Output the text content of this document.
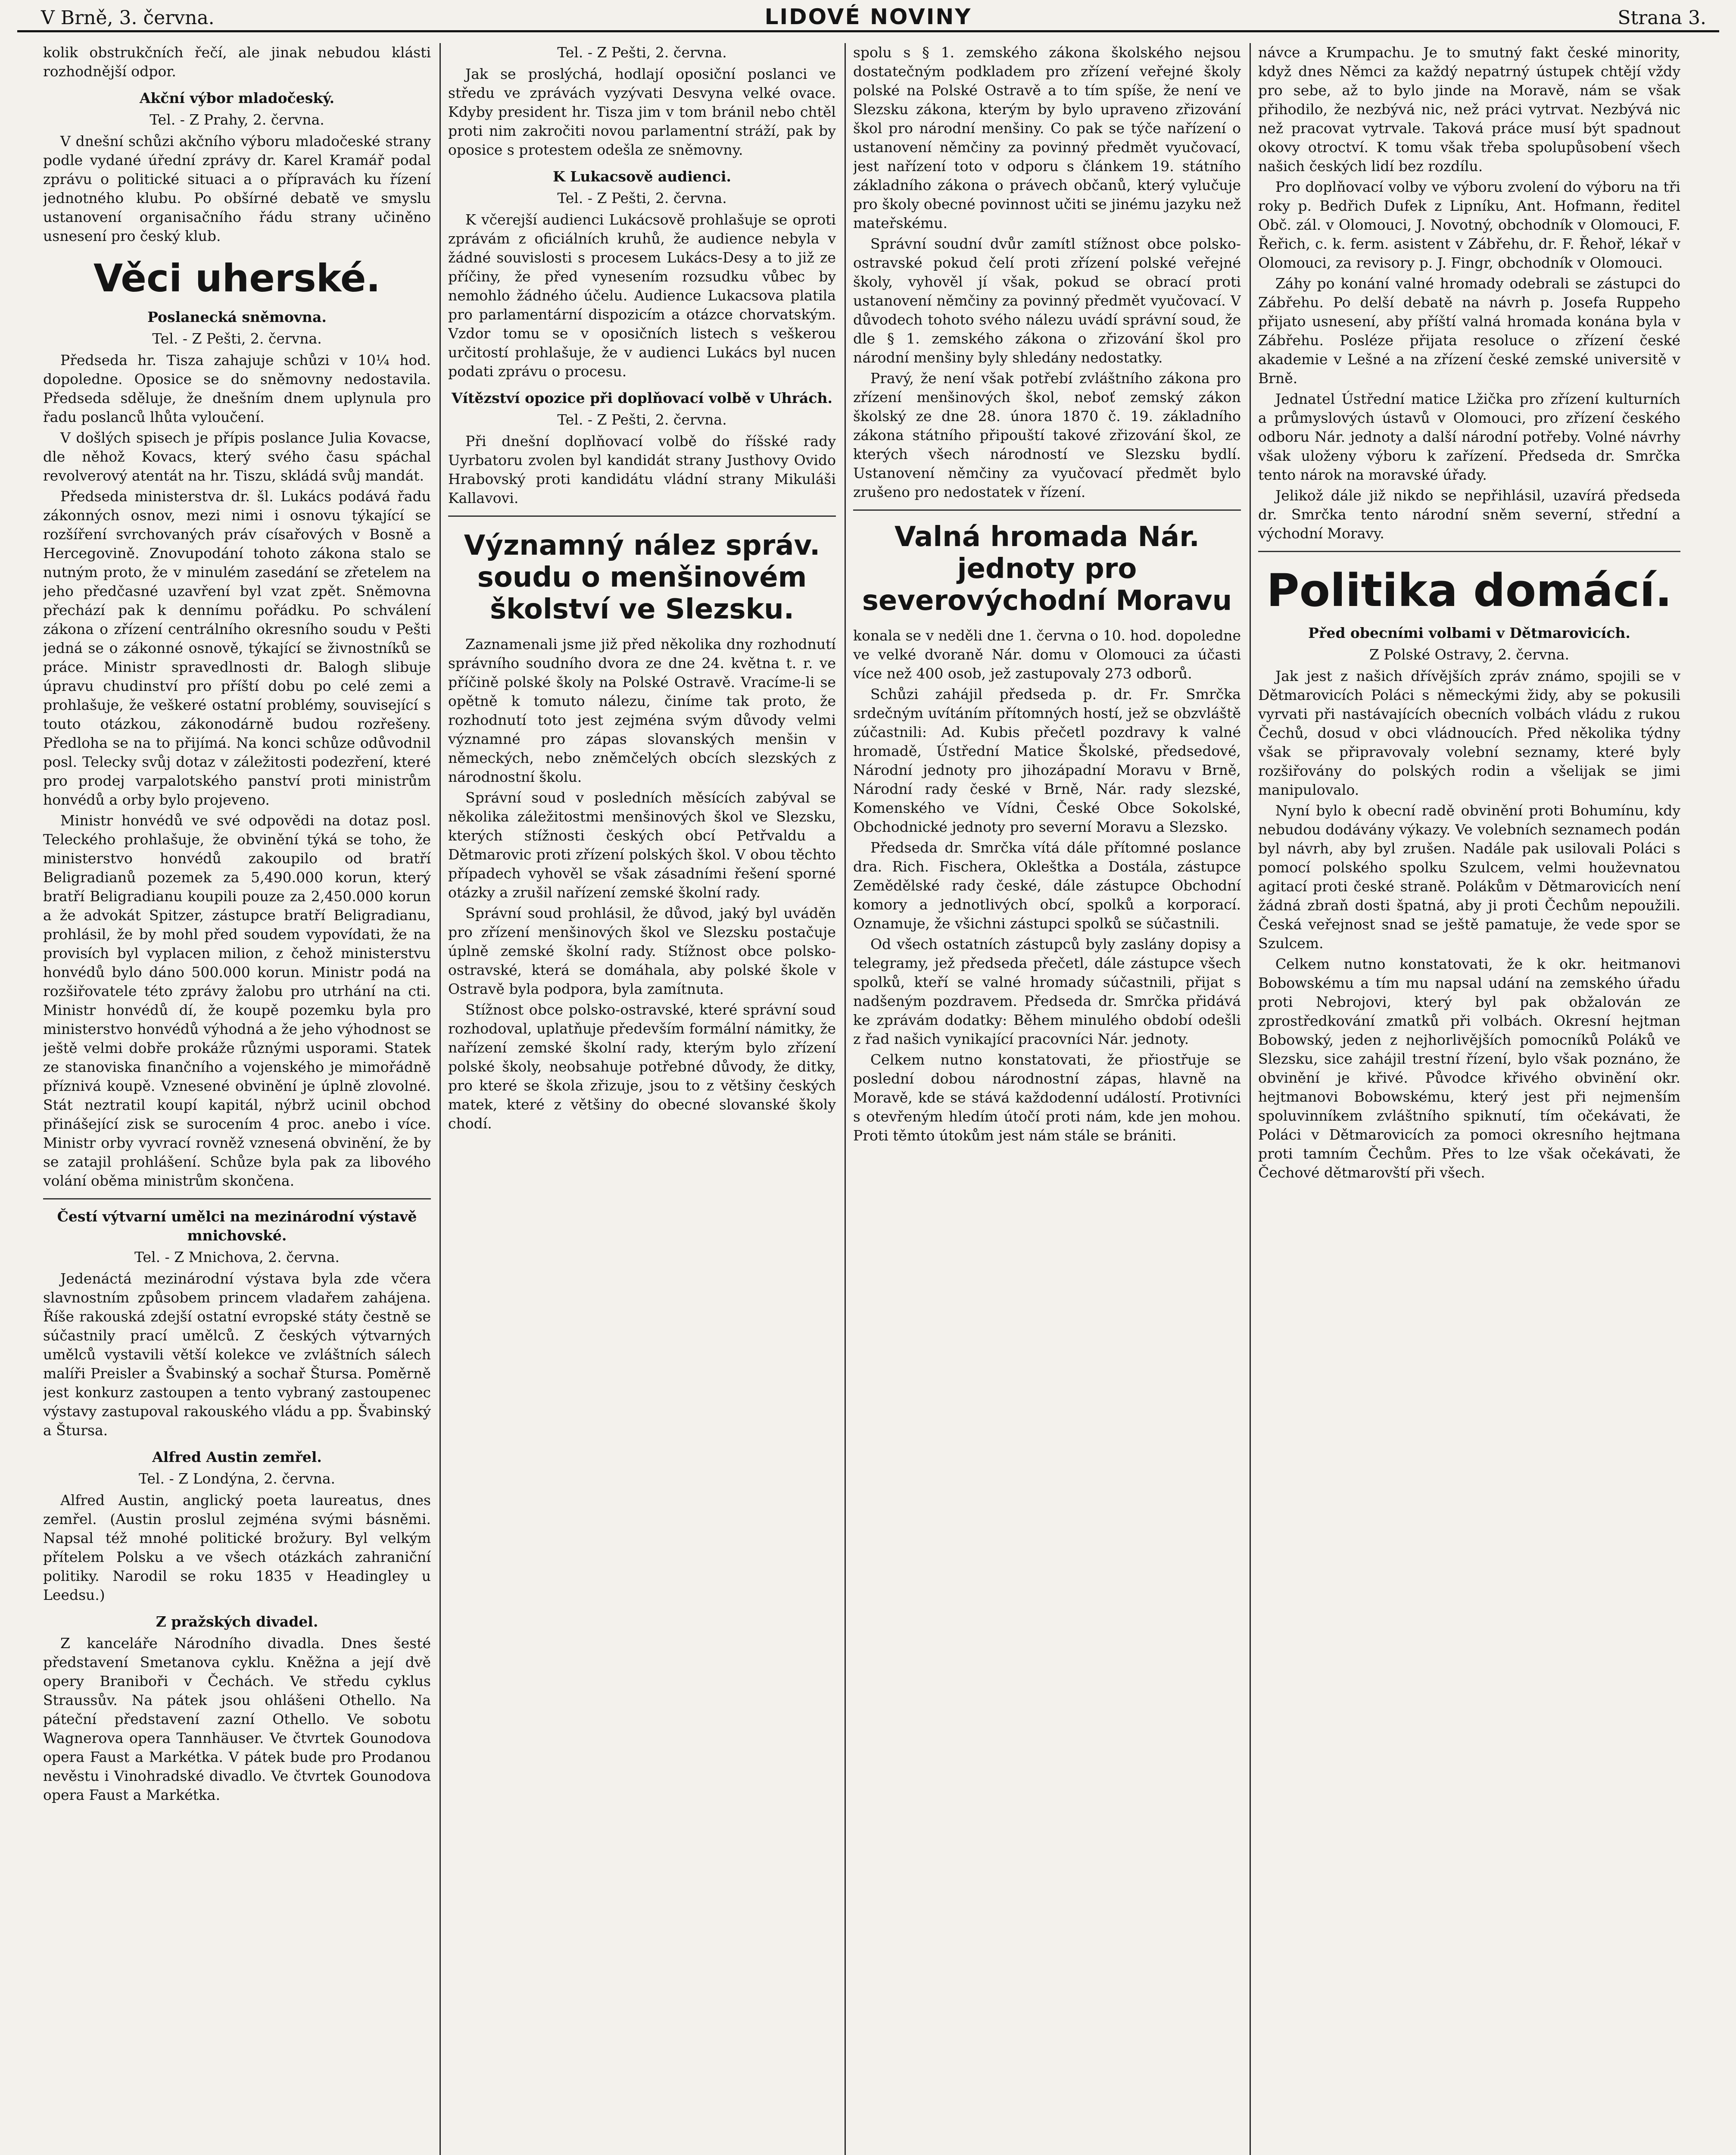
V Brně, 3. června.	LIDOVÉ NOVINY	Strana 3.

kolik obstrukčních řečí, ale jinak nebudou klásti rozhodnější odpor.

Akční výbor mladočeský.
Tel. - Z Prahy, 2. června.

V dnešní schůzi akčního výboru mladočeské strany podle vydané úřední zprávy dr. Karel Kramář podal zprávu o politické situaci a o přípravách ku řízení jednotného klubu. Po obšírné debatě ve smyslu ustanovení organisačního řádu strany učiněno usnesení pro český klub.

Věci uherské.
Poslanecká sněmovna.
Tel. - Z Pešti, 2. června.

Předseda hr. Tisza zahajuje schůzi v 10¼ hod. dopoledne. Oposice se do sněmovny nedostavila. Předseda sděluje, že dnešním dnem uplynula pro řadu poslanců lhůta vyloučení.

V došlých spisech je přípis poslance Julia Kovacse, dle něhož Kovacs, který svého času spáchal revolverový atentát na hr. Tiszu, skládá svůj mandát.

Předseda ministerstva dr. šl. Lukács podává řadu zákonných osnov, mezi nimi i osnovu týkající se rozšíření svrchovaných práv císařových v Bosně a Hercegovině. Znovupodání tohoto zákona stalo se nutným proto, že v minulém zasedání se zřetelem na jeho předčasné uzavření byl vzat zpět. Sněmovna přechází pak k dennímu pořádku. Po schválení zákona o zřízení centrálního okresního soudu v Pešti jedná se o zákonné osnově, týkající se živnostníků se práce. Ministr spravedlnosti dr. Balogh slibuje úpravu chudinství pro příští dobu po celé zemi a prohlašuje, že veškeré ostatní problémy, související s touto otázkou, zákonodárně budou rozřešeny. Předloha se na to přijímá. Na konci schůze odůvodnil posl. Telecky svůj dotaz v záležitosti podezření, které pro prodej varpalotského panství proti ministrům honvédů a orby bylo projeveno.

Ministr honvédů ve své odpovědi na dotaz posl. Teleckého prohlašuje, že obvinění týká se toho, že ministerstvo honvédů zakoupilo od bratří Beligradianů pozemek za 5,490.000 korun, který bratří Beligradianu koupili pouze za 2,450.000 korun a že advokát Spitzer, zástupce bratří Beligradianu, prohlásil, že by mohl před soudem vypovídati, že na provisích byl vyplacen milion, z čehož ministerstvu honvédů bylo dáno 500.000 korun. Ministr podá na rozšiřovatele této zprávy žalobu pro utrhání na cti. Ministr honvédů dí, že koupě pozemku byla pro ministerstvo honvédů výhodná a že jeho výhodnost se ještě velmi dobře prokáže různými usporami. Statek ze stanoviska finančního a vojenského je mimořádně příznivá koupě. Vznesené obvinění je úplně zlovolné. Stát neztratil koupí kapitál, nýbrž ucinil obchod přinášející zisk se surocením 4 proc. anebo i více. Ministr orby vyvrací rovněž vznesená obvinění, že by se zatajil prohlášení. Schůze byla pak za libového volání oběma ministrům skončena.

Čestí výtvarní umělci na mezinárodní výstavě mnichovské.
Tel. - Z Mnichova, 2. června.

Jedenáctá mezinárodní výstava byla zde včera slavnostním způsobem princem vladařem zahájena. Říše rakouská zdejší ostatní evropské státy čestně se súčastnily prací umělců. Z českých výtvarných umělců vystavili větší kolekce ve zvláštních sálech malíři Preisler a Švabinský a sochař Štursa. Poměrně jest konkurz zastoupen a tento vybraný zastoupenec výstavy zastupoval rakouského vládu a pp. Švabinský a Štursa.

Alfred Austin zemřel.
Tel. - Z Londýna, 2. června.

Alfred Austin, anglický poeta laureatus, dnes zemřel. (Austin proslul zejména svými básněmi. Napsal též mnohé politické brožury. Byl velkým přítelem Polsku a ve všech otázkách zahraniční politiky. Narodil se roku 1835 v Headingley u Leedsu.)

Z pražských divadel.

Z kanceláře Národního divadla. Dnes šesté představení Smetanova cyklu. Kněžna a její dvě opery Braniboři v Čechách. Ve středu cyklus Straussův. Na pátek jsou ohlášeni Othello. Na páteční představení zazní Othello. Ve sobotu Wagnerova opera Tannhäuser. Ve čtvrtek Gounodova opera Faust a Markétka. V pátek bude pro Prodanou nevěstu i Vinohradské divadlo. Ve čtvrtek Gounodova opera Faust a Markétka.

Tel. - Z Pešti, 2. června.

Jak se proslýchá, hodlají oposiční poslanci ve středu ve zprávách vyzývati Desvyna velké ovace. Kdyby president hr. Tisza jim v tom bránil nebo chtěl proti nim zakročiti novou parlamentní stráží, pak by oposice s protestem odešla ze sněmovny.

K Lukacsově audienci.
Tel. - Z Pešti, 2. června.

K včerejší audienci Lukácsově prohlašuje se oproti zprávám z oficiálních kruhů, že audience nebyla v žádné souvislosti s procesem Lukács-Desy a to již ze příčiny, že před vynesením rozsudku vůbec by nemohlo žádného účelu. Audience Lukacsova platila pro parlamentární dispozicím a otázce chorvatským. Vzdor tomu se v oposičních listech s veškerou určitostí prohlašuje, že v audienci Lukács byl nucen podati zprávu o procesu.

Vítězství opozice při doplňovací volbě v Uhrách.
Tel. - Z Pešti, 2. června.

Při dnešní doplňovací volbě do říšské rady Uyrbatoru zvolen byl kandidát strany Justhovy Ovido Hrabovský proti kandidátu vládní strany Mikuláši Kallavovi.

Významný nález správ. soudu o menšinovém školství ve Slezsku.

Zaznamenali jsme již před několika dny rozhodnutí správního soudního dvora ze dne 24. května t. r. ve příčině polské školy na Polské Ostravě. Vracíme-li se opětně k tomuto nálezu, činíme tak proto, že rozhodnutí toto jest zejména svým důvody velmi významné pro zápas slovanských menšin v německých, nebo zněmčelých obcích slezských z národnostní školu.

Správní soud v posledních měsících zabýval se několika záležitostmi menšinových škol ve Slezsku, kterých stížnosti českých obcí Petřvaldu a Dětmarovic proti zřízení polských škol. V obou těchto případech vyhověl se však zásadními řešení sporné otázky a zrušil nařízení zemské školní rady.

Správní soud prohlásil, že důvod, jaký byl uváděn pro zřízení menšinových škol ve Slezsku postačuje úplně zemské školní rady. Stížnost obce polsko-ostravské, která se domáhala, aby polské škole v Ostravě byla podpora, byla zamítnuta.

Stížnost obce polsko-ostravské, které správní soud rozhodoval, uplatňuje především formální námitky, že nařízení zemské školní rady, kterým bylo zřízení polské školy, neobsahuje potřebné důvody, že ditky, pro které se škola zřizuje, jsou to z většiny českých matek, které z většiny do obecné slovanské školy chodí.

spolu s § 1. zemského zákona školského nejsou dostatečným podkladem pro zřízení veřejné školy polské na Polské Ostravě a to tím spíše, že není ve Slezsku zákona, kterým by bylo upraveno zřizování škol pro národní menšiny. Co pak se týče nařízení o ustanovení němčiny za povinný předmět vyučovací, jest nařízení toto v odporu s článkem 19. státního základního zákona o právech občanů, který vylučuje pro školy obecné povinnost učiti se jinému jazyku než mateřskému.

Správní soudní dvůr zamítl stížnost obce polsko-ostravské pokud čelí proti zřízení polské veřejné školy, vyhověl jí však, pokud se obrací proti ustanovení němčiny za povinný předmět vyučovací. V důvodech tohoto svého nálezu uvádí správní soud, že dle § 1. zemského zákona o zřizování škol pro národní menšiny byly shledány nedostatky.

Pravý, že není však potřebí zvláštního zákona pro zřízení menšinových škol, neboť zemský zákon školský ze dne 28. února 1870 č. 19. základního zákona státního připouští takové zřizování škol, ze kterých všech národností ve Slezsku bydlí. Ustanovení němčiny za vyučovací předmět bylo zrušeno pro nedostatek v řízení.

Valná hromada Nár. jednoty pro severovýchodní Moravu

konala se v neděli dne 1. června o 10. hod. dopoledne ve velké dvoraně Nár. domu v Olomouci za účasti více než 400 osob, jež zastupovaly 273 odborů.

Schůzi zahájil předseda p. dr. Fr. Smrčka srdečným uvítáním přítomných hostí, jež se obzvláště zúčastnili: Ad. Kubis přečetl pozdravy k valné hromadě, Ústřední Matice Školské, předsedové, Národní jednoty pro jihozápadní Moravu v Brně, Národní rady české v Brně, Nár. rady slezské, Komenského ve Vídni, České Obce Sokolské, Obchodnické jednoty pro severní Moravu a Slezsko.

Předseda dr. Smrčka vítá dále přítomné poslance dra. Rich. Fischera, Okleštka a Dostála, zástupce Zemědělské rady české, dále zástupce Obchodní komory a jednotlivých obcí, spolků a korporací. Oznamuje, že všichni zástupci spolků se súčastnili.

Od všech ostatních zástupců byly zaslány dopisy a telegramy, jež předseda přečetl, dále zástupce všech spolků, kteří se valné hromady súčastnili, přijat s nadšeným pozdravem. Předseda dr. Smrčka přidává ke zprávám dodatky: Během minulého období odešli z řad našich vynikající pracovníci Nár. jednoty.

Celkem nutno konstatovati, že přiostřuje se poslední dobou národnostní zápas, hlavně na Moravě, kde se stává každodenní událostí. Protivníci s otevřeným hledím útočí proti nám, kde jen mohou. Proti těmto útokům jest nám stále se brániti.

návce a Krumpachu. Je to smutný fakt české minority, když dnes Němci za každý nepatrný ústupek chtějí vždy pro sebe, až to bylo jinde na Moravě, nám se však přihodilo, že nezbývá nic, než práci vytrvat. Nezbývá nic než pracovat vytrvale. Taková práce musí být spadnout okovy otroctví. K tomu však třeba spolupůsobení všech našich českých lidí bez rozdílu.

Pro doplňovací volby ve výboru zvolení do výboru na tři roky p. Bedřich Dufek z Lipníku, Ant. Hofmann, ředitel Obč. zál. v Olomouci, J. Novotný, obchodník v Olomouci, F. Řeřich, c. k. ferm. asistent v Zábřehu, dr. F. Řehoř, lékař v Olomouci, za revisory p. J. Fingr, obchodník v Olomouci.

Záhy po konání valné hromady odebrali se zástupci do Zábřehu. Po delší debatě na návrh p. Josefa Ruppeho přijato usnesení, aby příští valná hromada konána byla v Zábřehu. Posléze přijata resoluce o zřízení české akademie v Lešné a na zřízení české zemské universitě v Brně.

Jednatel Ústřední matice Lžička pro zřízení kulturních a průmyslových ústavů v Olomouci, pro zřízení českého odboru Nár. jednoty a další národní potřeby. Volné návrhy však uloženy výboru k zařízení. Předseda dr. Smrčka tento nárok na moravské úřady.

Jelikož dále již nikdo se nepřihlásil, uzavírá předseda dr. Smrčka tento národní sněm severní, střední a východní Moravy.

Politika domácí.
Před obecními volbami v Dětmarovicích.
Z Polské Ostravy, 2. června.

Jak jest z našich dřívějších zpráv známo, spojili se v Dětmarovicích Poláci s německými židy, aby se pokusili vyrvati při nastávajících obecních volbách vládu z rukou Čechů, dosud v obci vládnoucích. Před několika týdny však se připravovaly volební seznamy, které byly rozšiřovány do polských rodin a všelijak se jimi manipulovalo.

Nyní bylo k obecní radě obvinění proti Bohumínu, kdy nebudou dodávány výkazy. Ve volebních seznamech podán byl návrh, aby byl zrušen. Nadále pak usilovali Poláci s pomocí polského spolku Szulcem, velmi houževnatou agitací proti české straně. Polákům v Dětmarovicích není žádná zbraň dosti špatná, aby ji proti Čechům nepoužili. Česká veřejnost snad se ještě pamatuje, že vede spor se Szulcem.

Celkem nutno konstatovati, že k okr. heitmanovi Bobowskému a tím mu napsal udání na zemského úřadu proti Nebrojovi, který byl pak obžalován ze zprostředkování zmatků při volbách. Okresní hejtman Bobowský, jeden z nejhorlivějších pomocníků Poláků ve Slezsku, sice zahájil trestní řízení, bylo však poznáno, že obvinění je křivé. Původce křivého obvinění okr. hejtmanovi Bobowskému, který jest při nejmenším spoluvinníkem zvláštního spiknutí, tím očekávati, že Poláci v Dětmarovicích za pomoci okresního hejtmana proti tamním Čechům. Přes to lze však očekávati, že Čechové dětmarovští při všech.
